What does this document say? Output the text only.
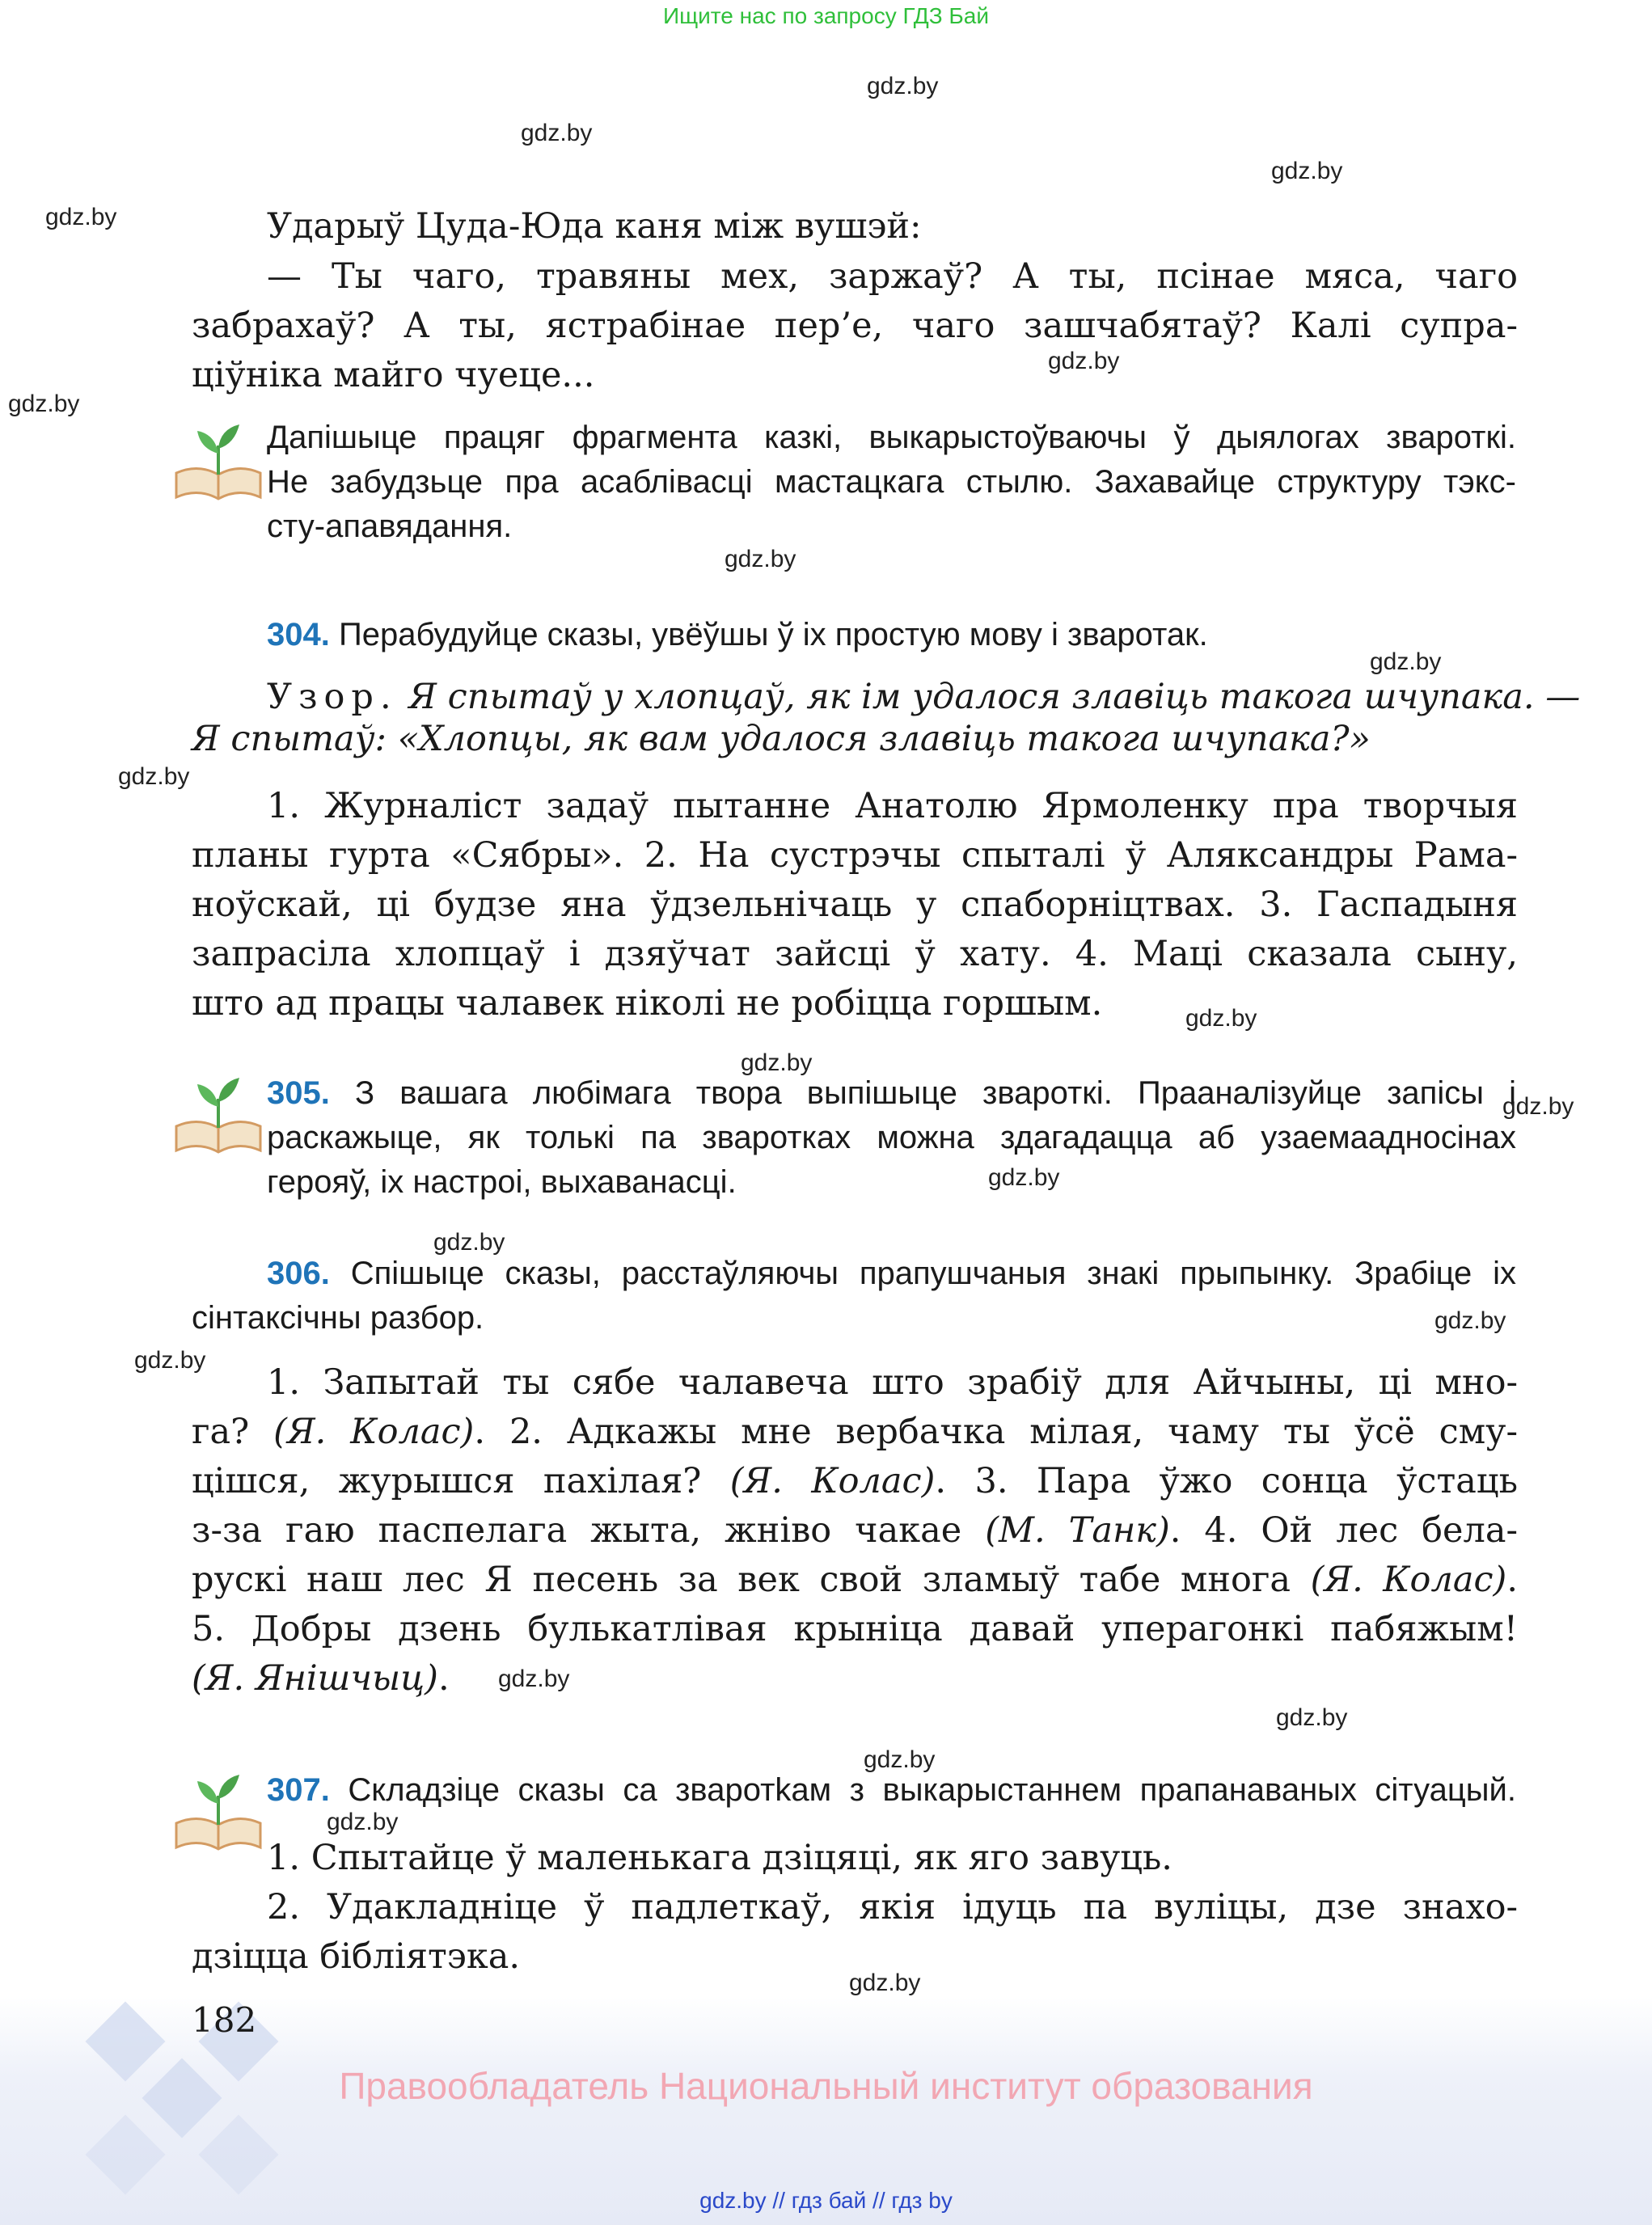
Ищите нас по запросу ГДЗ Бай
gdz.by
gdz.by
gdz.by
gdz.by
gdz.by
gdz.by
gdz.by
gdz.by
gdz.by
gdz.by
gdz.by
gdz.by
gdz.by
gdz.by
gdz.by
gdz.by
gdz.by
gdz.by
gdz.by
gdz.by
gdz.by
Ударыў Цуда-Юда каня між вушэй:
— Ты чаго, травяны мех, заржаў? А ты, псінае мяса, чаго
забрахаў? А ты, ястрабінае пер’е, чаго зашчабятаў? Калі супра-
цiўніка майго чуеце...
Дапішыце працяг фрагмента казкі, выкарыстоўваючы ў дыялогах звароткі.
Не забудзьце пра асаблівасці мастацкага стылю. Захавайце структуру тэкс-
сту-апавядання.
304. Перабудуйце сказы, увёўшы ў іх простую мову і зваротак.
Узор. Я спытаў у хлопцаў, як ім удалося злавіць такога шчупака. —
Я спытаў: «Хлопцы, як вам удалося злавіць такога шчупака?»
1. Журналіст задаў пытанне Анатолю Ярмоленку пра творчыя
планы гурта «Сябры». 2. На сустрэчы спыталі ў Аляксандры Рама-
ноўскай, ці будзе яна ўдзельнічаць у спаборніцтвах. 3. Гаспадыня
запрасіла хлопцаў і дзяўчат зайсці ў хату. 4. Маці сказала сыну,
што ад працы чалавек ніколі не робіцца горшым.
305. З вашага любімага твора выпішыце звароткі. Прааналізуйце запісы і
раскажыце, як толькі па зваротках можна здагадацца аб узаемаадносінах
герояў, іх настроі, выхаванасці.
306. Спішыце сказы, расстаўляючы прапушчаныя знакі прыпынку. Зрабіце іх
сінтаксічны разбор.
1. Запытай ты сябе чалавеча што зрабіў для Айчыны, ці мно-
га? (Я. Колас). 2. Адкажы мне вербачка мілая, чаму ты ўсё сму-
цішся, журышся пахілая? (Я. Колас). 3. Пара ўжо сонца ўстаць
з-за гаю паспелага жыта, жніво чакае (М. Танк). 4. Ой лес бела-
рускі наш лес Я песень за век свой зламыў табе многа (Я. Колас).
5. Добры дзень булькатлівая крыніца давай уперагонкі пабяжым!
(Я. Янішчыц).
307. Складзіце сказы са зваротkам з выкарыстаннем прапанаваных сітуацый.
1. Спытайце ў маленькага дзіцяці, як яго завуць.
2. Удакладніце ў падлеткаў, якія ідуць па вуліцы, дзе знахо-
дзіцца бібліятэка.
182
Правообладатель Национальный институт образования
gdz.by // гдз бай // гдз by
